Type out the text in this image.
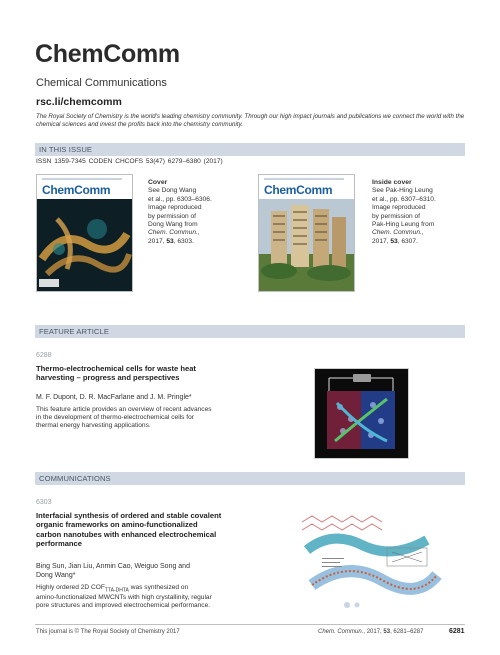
ChemComm
Chemical Communications
rsc.li/chemcomm
The Royal Society of Chemistry is the world's leading chemistry community. Through our high impact journals and publications we connect the world with the chemical sciences and invest the profits back into the chemistry community.
IN THIS ISSUE
ISSN 1359-7345 CODEN CHCOFS 53(47) 6279–6380 (2017)
ChemComm
Cover
See Dong Wang
et al., pp. 6303–6306.
Image reproduced
by permission of
Dong Wang from
Chem. Commun.,
2017, 53, 6303.
ChemComm
Inside cover
See Pak-Hing Leung
et al., pp. 6307–6310.
Image reproduced
by permission of
Pak-Hing Leung from
Chem. Commun.,
2017, 53, 6307.
FEATURE ARTICLE
6288
Thermo-electrochemical cells for waste heat
harvesting – progress and perspectives
M. F. Dupont, D. R. MacFarlane and J. M. Pringle*
This feature article provides an overview of recent advances
in the development of thermo-electrochemical cells for
thermal energy harvesting applications.
COMMUNICATIONS
6303
Interfacial synthesis of ordered and stable covalent
organic frameworks on amino-functionalized
carbon nanotubes with enhanced electrochemical
performance
Bing Sun, Jian Liu, Anmin Cao, Weiguo Song and
Dong Wang*
Highly ordered 2D $COF_{TTA-DHTA}$ was synthesized on
amino-functionalized MWCNTs with high crystallinity, regular
pore structures and improved electrochemical performance.
This journal is © The Royal Society of Chemistry 2017	Chem. Commun., 2017, 53, 6281–6287	6281
